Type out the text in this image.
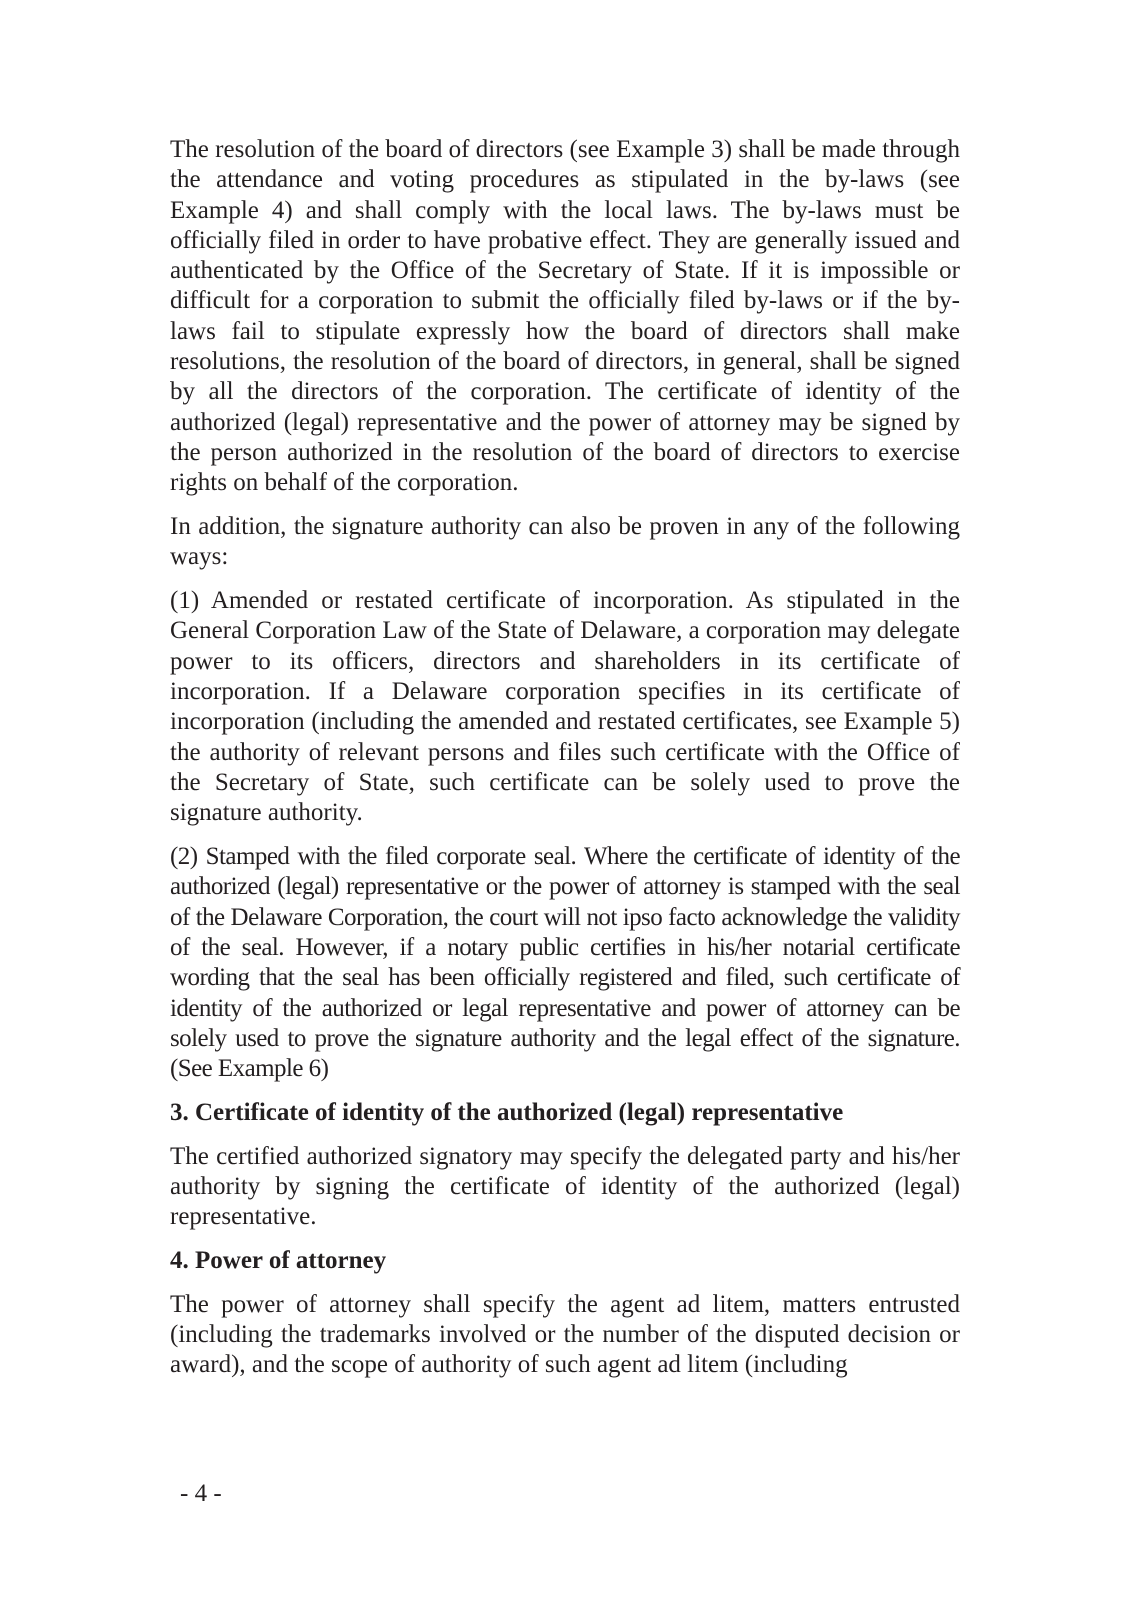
The resolution of the board of directors (see Example 3) shall be made through the attendance and voting procedures as stipulated in the by-laws (see Example 4) and shall comply with the local laws. The by-laws must be officially filed in order to have probative effect. They are generally issued and authenticated by the Office of the Secretary of State. If it is impossible or difficult for a corporation to submit the officially filed by-laws or if the by-laws fail to stipulate expressly how the board of directors shall make resolutions, the resolution of the board of directors, in general, shall be signed by all the directors of the corporation. The certificate of identity of the authorized (legal) representative and the power of attorney may be signed by the person authorized in the resolution of the board of directors to exercise rights on behalf of the corporation.

In addition, the signature authority can also be proven in any of the following ways:

(1) Amended or restated certificate of incorporation. As stipulated in the General Corporation Law of the State of Delaware, a corporation may delegate power to its officers, directors and shareholders in its certificate of incorporation. If a Delaware corporation specifies in its certificate of incorporation (including the amended and restated certificates, see Example 5) the authority of relevant persons and files such certificate with the Office of the Secretary of State, such certificate can be solely used to prove the signature authority.

(2) Stamped with the filed corporate seal. Where the certificate of identity of the authorized (legal) representative or the power of attorney is stamped with the seal of the Delaware Corporation, the court will not ipso facto acknowledge the validity of the seal. However, if a notary public certifies in his/her notarial certificate wording that the seal has been officially registered and filed, such certificate of identity of the authorized or legal representative and power of attorney can be solely used to prove the signature authority and the legal effect of the signature. (See Example 6)

3. Certificate of identity of the authorized (legal) representative

The certified authorized signatory may specify the delegated party and his/her authority by signing the certificate of identity of the authorized (legal) representative.

4. Power of attorney

The power of attorney shall specify the agent ad litem, matters entrusted (including the trademarks involved or the number of the disputed decision or award), and the scope of authority of such agent ad litem (including

- 4 -
